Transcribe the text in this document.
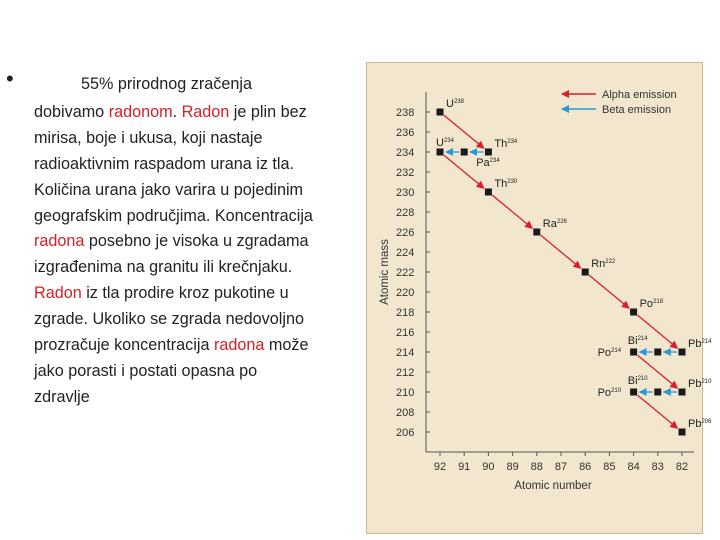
•	55% prirodnog zračenja
dobivamo radonom. Radon je plin bez
mirisa, boje i ukusa, koji nastaje
radioaktivnim raspadom urana iz tla.
Količina urana jako varira u pojedinim
geografskim područjima. Koncentracija
radona posebno je visoka u zgradama
izgrađenima na granitu ili krečnjaku.
Radon iz tla prodire kroz pukotine u
zgrade. Ukoliko se zgrada nedovoljno
prozračuje koncentracija radona može
jako porasti i postati opasna po
zdravlje
238
236
234
232
230
228
226
224
222
220
218
216
214
212
210
208
206
92 91 90 89 88 87 86 85 84 83 82
Atomic number
Atomic mass
$U^{238}$
Th$^{234}$
Pa$^{234}$
$U^{234}$
Th$^{230}$
Ra$^{226}$
Rn$^{222}$
Po$^{218}$
Pb$^{214}$
Bi$^{214}$
Po$^{214}$
Pb$^{210}$
Bi$^{210}$
Po$^{210}$
Pb$^{206}$
Alpha emission
Beta emission
